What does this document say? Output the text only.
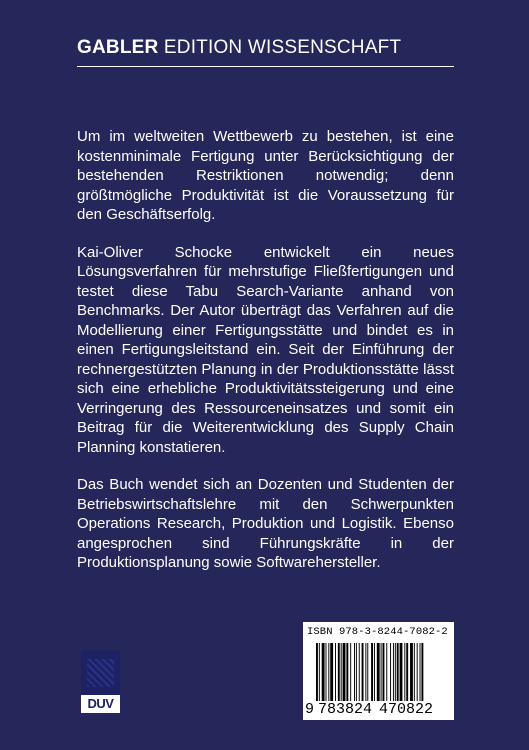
GABLER EDITION WISSENSCHAFT

Um im weltweiten Wettbewerb zu bestehen, ist eine kostenminimale Fertigung unter Berücksichtigung der bestehenden Restriktionen notwendig; denn größtmögliche Produktivität ist die Voraussetzung für den Geschäftserfolg.

Kai-Oliver Schocke entwickelt ein neues Lösungsverfahren für mehrstufige Fließfertigungen und testet diese Tabu Search-Variante anhand von Benchmarks. Der Autor überträgt das Verfahren auf die Modellierung einer Fertigungsstätte und bindet es in einen Fertigungsleitstand ein. Seit der Einführung der rechnergestützten Planung in der Produktionsstätte lässt sich eine erhebliche Produktivitätssteigerung und eine Verringerung des Ressourceneinsatzes und somit ein Beitrag für die Weiterentwicklung des Supply Chain Planning konstatieren.

Das Buch wendet sich an Dozenten und Studenten der Betriebswirtschaftslehre mit den Schwerpunkten Operations Research, Produktion und Logistik. Ebenso angesprochen sind Führungskräfte in der Produktionsplanung sowie Softwarehersteller.

DUV
ISBN 978-3-8244-7082-2
9 783824 470822
